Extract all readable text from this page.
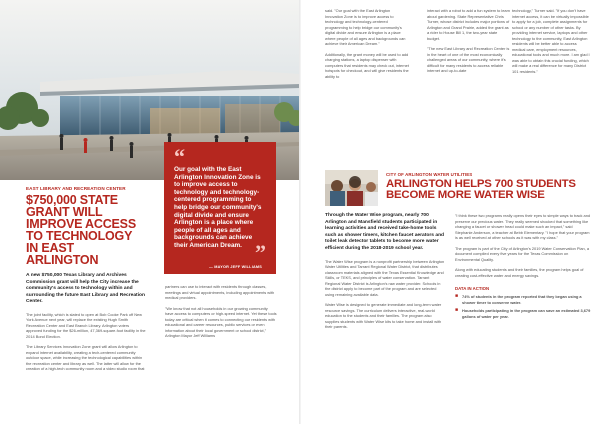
EAST LIBRARY AND RECREATION CENTER
$750,000 STATE GRANT WILL IMPROVE ACCESS TO TECHNOLOGY IN EAST ARLINGTON
A new $750,000 Texas Library and Archives Commission grant will help the City increase the community's access to technology within and surrounding the future East Library and Recreation Center.

The joint facility, which is slated to open at Bob Cooke Park off New York Avenue next year, will replace the existing Hugh Smith Recreation Center and East Branch Library. Arlington voters approved funding for the $26-million, 47,369-square-foot facility in the 2014 Bond Election.

The Library Services Innovation Zone grant will allow Arlington to expand internet availability, creating a tech-centered community outdoor space, while increasing the technological capabilities within the recreation center and library as well. The latter will allow for the creation of a high-tech community room and a video studio room that

“
Our goal with the East Arlington Innovation Zone is to improve access to technology and technology-centered programming to help bridge our community's digital divide and ensure Arlington is a place where people of all ages and backgrounds can achieve their American Dream. ”
— MAYOR JEFF WILLIAMS

partners can use to interact with residents through classes, meetings and virtual appointments, including appointments with medical providers.

"We know that not all households in our growing community have access to computers or high-speed internet. Yet these tools today are critical when it comes to connecting our residents with educational and career resources, public services or even information about their local government or school district," Arlington Mayor Jeff Williams

said. "Our goal with the East Arlington Innovation Zone is to improve access to technology and technology-centered programming to help bridge our community's digital divide and ensure Arlington is a place where people of all ages and backgrounds can achieve their American Dream."

Additionally, the grant money will be used to add charging stations, a laptop dispenser with computers that residents may check out, internet hotspots for checkout, and will give residents the ability to

interact with a robot to add a fun system to learn about gardening. State Representative Chris Turner, whose district includes major portions of Arlington and Grand Prairie, added the grant as a rider to House Bill 1, the two-year state budget.

"The new East Library and Recreation Center is in the heart of one of the most economically challenged areas of our community, where it's difficult for many residents to access reliable internet and up-to-date

technology," Turner said. "If you don't have internet access, it can be virtually impossible to apply for a job, complete assignments for school or any number of other tasks. By providing internet service, laptops and other technology to the community, East Arlington residents will be better able to access medical care, employment resources, educational tools and much more. I am glad I was able to obtain this crucial funding, which will make a real difference for many District 101 residents."

CITY OF ARLINGTON WATER UTILITIES
ARLINGTON HELPS 700 STUDENTS BECOME MORE WATER WISE
Through the Water Wise program, nearly 700 Arlington and Mansfield students participated in learning activities and received take-home tools such as shower timers, kitchen faucet aerators and toilet leak detector tablets to become more water efficient during the 2018-2019 school year.

The Water Wise program is a nonprofit partnership between Arlington Water Utilities and Tarrant Regional Water District, that distributes classroom materials aligned with the Texas Essential Knowledge and Skills, or TEKS, and principles of water conservation. Tarrant Regional Water District is Arlington's raw water provider. Schools in the district apply to become part of the program and are selected using remaining available data.

Water Wise is designed to generate immediate and long-term water resource savings. The curriculum delivers interactive, real-world education to the students and their families. The program also supplies students with Water Wise kits to take home and install with their parents.

"I think these two programs really opens their eyes to simple ways to track and preserve our precious water. They really seemed shocked that something like changing a faucet or shower head could make such an impact," said Stephanie Anderson, a teacher at Bebb Elementary. "I hope that your program is as well received at other schools as it was with my class."

The program is part of the City of Arlington's 2019 Water Conservation Plan, a document compiled every five years for the Texas Commission on Environmental Quality.

Along with educating students and their families, the program helps goal of creating cost-effective water and energy savings.

DATA IN ACTION
■ 74% of students in the program reported that they began using a shower timer to conserve water.
■ Households participating in the program can save an estimated 3,679 gallons of water per year.
